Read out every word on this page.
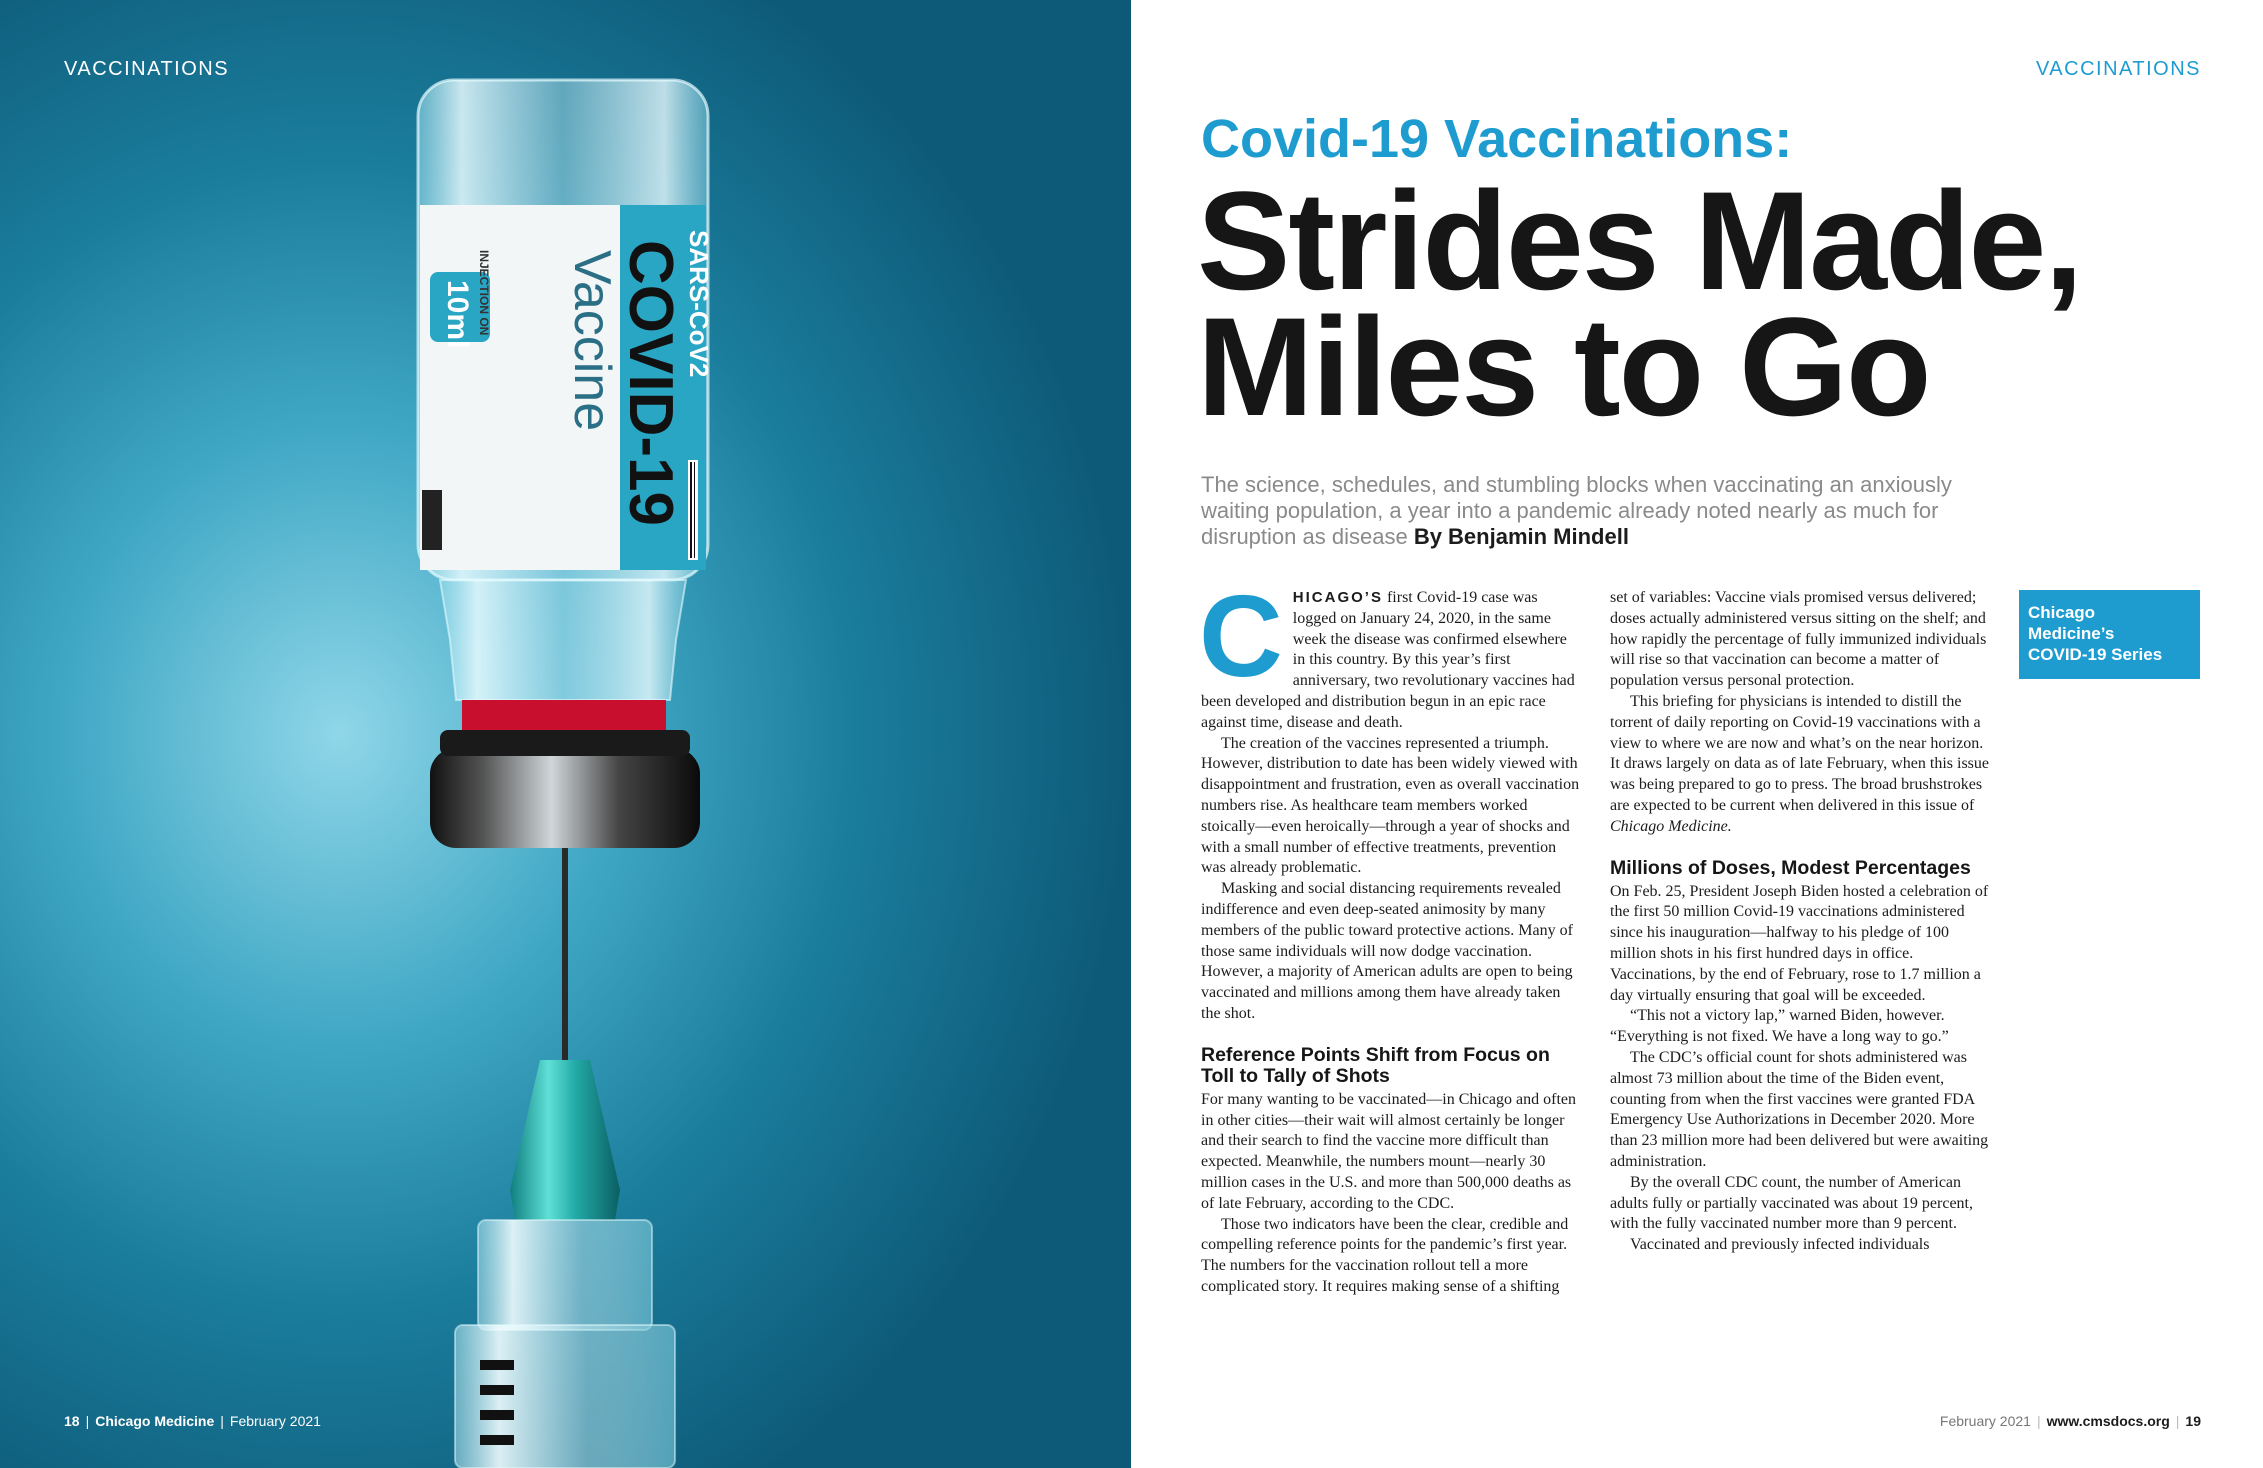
SARS-CoV2
COVID-19
Vaccine
10ml INJECTION ON
VACCINATIONS
18 | Chicago Medicine | February 2021
VACCINATIONS
Covid-19 Vaccinations:
Strides Made,
Miles to Go
The science, schedules, and stumbling blocks when vaccinating an anxiously waiting population, a year into a pandemic already noted nearly as much for disruption as disease By Benjamin Mindell
Chicago
Medicine’s
COVID-19 Series

CHICAGO’S first Covid-19 case was logged on January 24, 2020, in the same week the disease was confirmed elsewhere in this country. By this year’s first anniversary, two revolutionary vaccines had been developed and distribution begun in an epic race against time, disease and death.

The creation of the vaccines represented a triumph. However, distribution to date has been widely viewed with disappointment and frustration, even as overall vaccination numbers rise. As healthcare team members worked stoically—even heroically—through a year of shocks and with a small number of effective treatments, prevention was already problematic.

Masking and social distancing requirements revealed indifference and even deep-seated animosity by many members of the public toward protective actions. Many of those same individuals will now dodge vaccination. However, a majority of American adults are open to being vaccinated and millions among them have already taken the shot.

Reference Points Shift from Focus on Toll to Tally of Shots

For many wanting to be vaccinated—in Chicago and often in other cities—their wait will almost certainly be longer and their search to find the vaccine more difficult than expected. Meanwhile, the numbers mount—nearly 30 million cases in the U.S. and more than 500,000 deaths as of late February, according to the CDC.

Those two indicators have been the clear, credible and compelling reference points for the pandemic’s first year. The numbers for the vaccination rollout tell a more complicated story. It requires making sense of a shifting

set of variables: Vaccine vials promised versus delivered; doses actually administered versus sitting on the shelf; and how rapidly the percentage of fully immunized individuals will rise so that vaccination can become a matter of population versus personal protection.

This briefing for physicians is intended to distill the torrent of daily reporting on Covid-19 vaccinations with a view to where we are now and what’s on the near horizon. It draws largely on data as of late February, when this issue was being prepared to go to press. The broad brushstrokes are expected to be current when delivered in this issue of Chicago Medicine.

Millions of Doses, Modest Percentages

On Feb. 25, President Joseph Biden hosted a celebration of the first 50 million Covid-19 vaccinations administered since his inauguration—halfway to his pledge of 100 million shots in his first hundred days in office. Vaccinations, by the end of February, rose to 1.7 million a day virtually ensuring that goal will be exceeded.

“This not a victory lap,” warned Biden, however. “Everything is not fixed. We have a long way to go.”

The CDC’s official count for shots administered was almost 73 million about the time of the Biden event, counting from when the first vaccines were granted FDA Emergency Use Authorizations in December 2020. More than 23 million more had been delivered but were awaiting administration.

By the overall CDC count, the number of American adults fully or partially vaccinated was about 19 percent, with the fully vaccinated number more than 9 percent.

Vaccinated and previously infected individuals

February 2021 | www.cmsdocs.org | 19
